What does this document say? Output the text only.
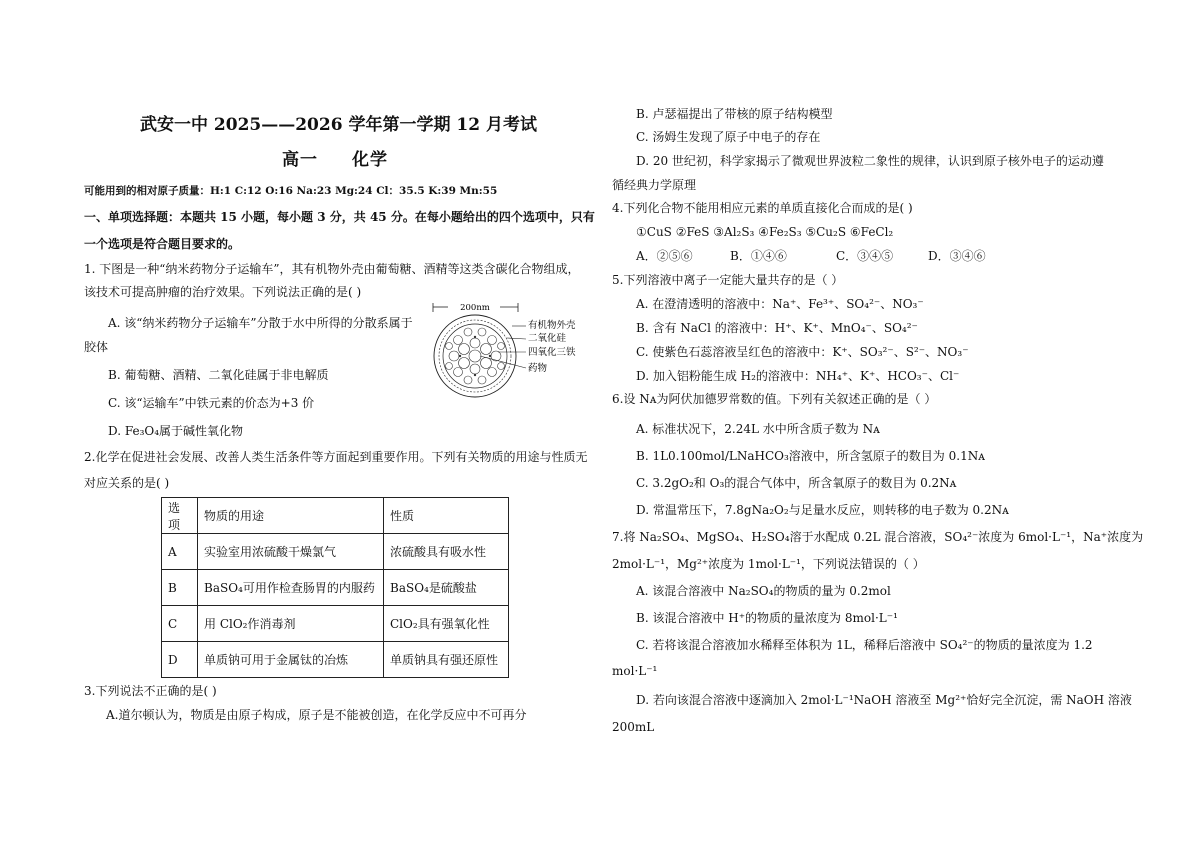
武安一中 2025——2026 学年第一学期 12 月考试
高一 化学
可能用到的相对原子质量：H:1 C:12 O:16 Na:23 Mg:24 Cl：35.5 K:39 Mn:55
一、单项选择题：本题共 15 小题，每小题 3 分，共 45 分。在每小题给出的四个选项中，只有
一个选项是符合题目要求的。
1. 下图是一种“纳米药物分子运输车”，其有机物外壳由葡萄糖、酒精等这类含碳化合物组成，
该技术可提高肿瘤的治疗效果。下列说法正确的是( )
A. 该“纳米药物分子运输车”分散于水中所得的分散系属于
胶体
B. 葡萄糖、酒精、二氧化硅属于非电解质
C. 该“运输车”中铁元素的价态为+3 价
D. Fe₃O₄属于碱性氧化物
200nm
有机物外壳
二氧化硅
四氧化三铁
药物
2.化学在促进社会发展、改善人类生活条件等方面起到重要作用。下列有关物质的用途与性质无
对应关系的是( )
选项	物质的用途	性质
A	实验室用浓硫酸干燥氯气	浓硫酸具有吸水性
B	BaSO₄可用作检查肠胃的内服药	BaSO₄是硫酸盐
C	用 ClO₂作消毒剂	ClO₂具有强氧化性
D	单质钠可用于金属钛的冶炼	单质钠具有强还原性
3.下列说法不正确的是( )
A.道尔顿认为，物质是由原子构成，原子是不能被创造，在化学反应中不可再分
B. 卢瑟福提出了带核的原子结构模型
C. 汤姆生发现了原子中电子的存在
D. 20 世纪初，科学家揭示了微观世界波粒二象性的规律，认识到原子核外电子的运动遵
循经典力学原理
4.下列化合物不能用相应元素的单质直接化合而成的是( )
①CuS ②FeS ③Al₂S₃ ④Fe₂S₃ ⑤Cu₂S ⑥FeCl₂
A．②⑤⑥	B．①④⑥	C．③④⑤	D．③④⑥
5.下列溶液中离子一定能大量共存的是（ ）
A. 在澄清透明的溶液中：Na⁺、Fe³⁺、SO₄²⁻、NO₃⁻
B. 含有 NaCl 的溶液中：H⁺、K⁺、MnO₄⁻、SO₄²⁻
C. 使紫色石蕊溶液呈红色的溶液中：K⁺、SO₃²⁻、S²⁻、NO₃⁻
D. 加入铝粉能生成 H₂的溶液中：NH₄⁺、K⁺、HCO₃⁻、Cl⁻
6.设 Nᴀ为阿伏加德罗常数的值。下列有关叙述正确的是（ ）
A. 标准状况下，2.24L 水中所含质子数为 Nᴀ
B. 1L0.100mol/LNaHCO₃溶液中，所含氢原子的数目为 0.1Nᴀ
C. 3.2gO₂和 O₃的混合气体中，所含氧原子的数目为 0.2Nᴀ
D. 常温常压下，7.8gNa₂O₂与足量水反应，则转移的电子数为 0.2Nᴀ
7.将 Na₂SO₄、MgSO₄、H₂SO₄溶于水配成 0.2L 混合溶液，SO₄²⁻浓度为 6mol·L⁻¹，Na⁺浓度为
2mol·L⁻¹，Mg²⁺浓度为 1mol·L⁻¹，下列说法错误的（ ）
A. 该混合溶液中 Na₂SO₄的物质的量为 0.2mol
B. 该混合溶液中 H⁺的物质的量浓度为 8mol·L⁻¹
C. 若将该混合溶液加水稀释至体积为 1L，稀释后溶液中 SO₄²⁻的物质的量浓度为 1.2
mol·L⁻¹
D. 若向该混合溶液中逐滴加入 2mol·L⁻¹NaOH 溶液至 Mg²⁺恰好完全沉淀，需 NaOH 溶液
200mL
